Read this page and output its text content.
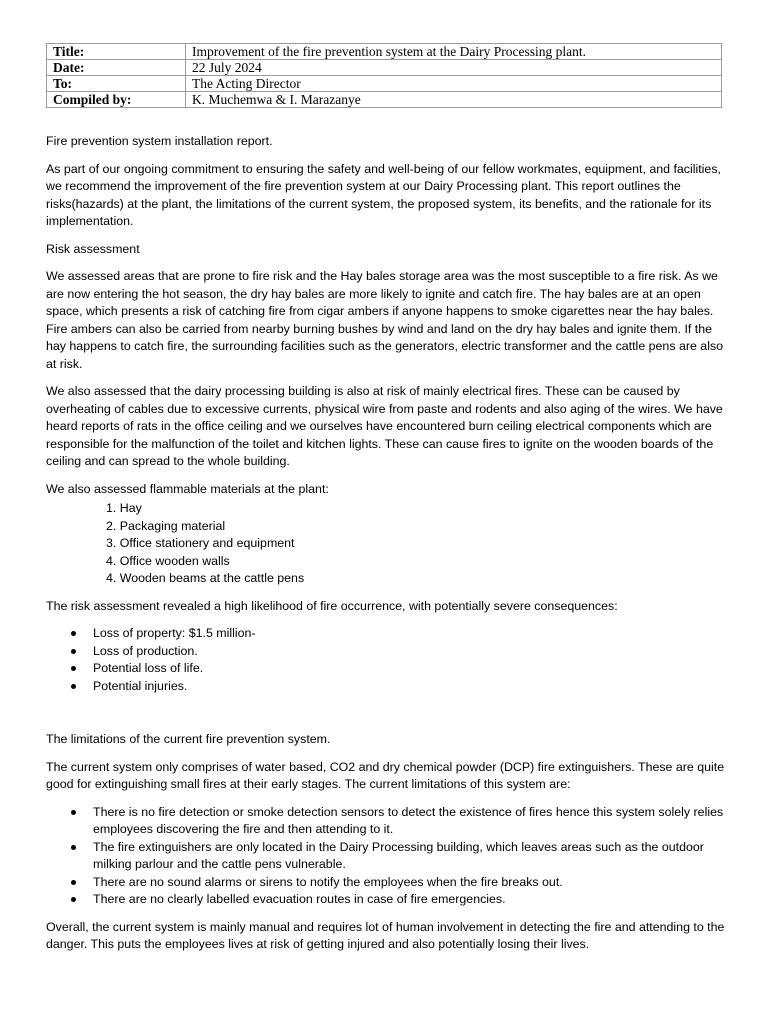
Title:	Improvement of the fire prevention system at the Dairy Processing plant.
Date:	22 July 2024
To:	The Acting Director
Compiled by:	K. Muchemwa & I. Marazanye

Fire prevention system installation report.

As part of our ongoing commitment to ensuring the safety and well-being of our fellow workmates, equipment, and facilities, we recommend the improvement of the fire prevention system at our Dairy Processing plant. This report outlines the risks(hazards) at the plant, the limitations of the current system, the proposed system, its benefits, and the rationale for its implementation.

Risk assessment

We assessed areas that are prone to fire risk and the Hay bales storage area was the most susceptible to a fire risk. As we are now entering the hot season, the dry hay bales are more likely to ignite and catch fire. The hay bales are at an open space, which presents a risk of catching fire from cigar ambers if anyone happens to smoke cigarettes near the hay bales. Fire ambers can also be carried from nearby burning bushes by wind and land on the dry hay bales and ignite them. If the hay happens to catch fire, the surrounding facilities such as the generators, electric transformer and the cattle pens are also at risk.

We also assessed that the dairy processing building is also at risk of mainly electrical fires. These can be caused by overheating of cables due to excessive currents, physical wire from paste and rodents and also aging of the wires. We have heard reports of rats in the office ceiling and we ourselves have encountered burn ceiling electrical components which are responsible for the malfunction of the toilet and kitchen lights. These can cause fires to ignite on the wooden boards of the ceiling and can spread to the whole building.

We also assessed flammable materials at the plant:

1. Hay
2. Packaging material
3. Office stationery and equipment
4. Office wooden walls
4. Wooden beams at the cattle pens

The risk assessment revealed a high likelihood of fire occurrence, with potentially severe consequences:

Loss of property: $1.5 million-
Loss of production.
Potential loss of life.
Potential injuries.

The limitations of the current fire prevention system.

The current system only comprises of water based, CO2 and dry chemical powder (DCP) fire extinguishers. These are quite good for extinguishing small fires at their early stages. The current limitations of this system are:

There is no fire detection or smoke detection sensors to detect the existence of fires hence this system solely relies employees discovering the fire and then attending to it.
The fire extinguishers are only located in the Dairy Processing building, which leaves areas such as the outdoor milking parlour and the cattle pens vulnerable.
There are no sound alarms or sirens to notify the employees when the fire breaks out.
There are no clearly labelled evacuation routes in case of fire emergencies.

Overall, the current system is mainly manual and requires lot of human involvement in detecting the fire and attending to the danger. This puts the employees lives at risk of getting injured and also potentially losing their lives.
